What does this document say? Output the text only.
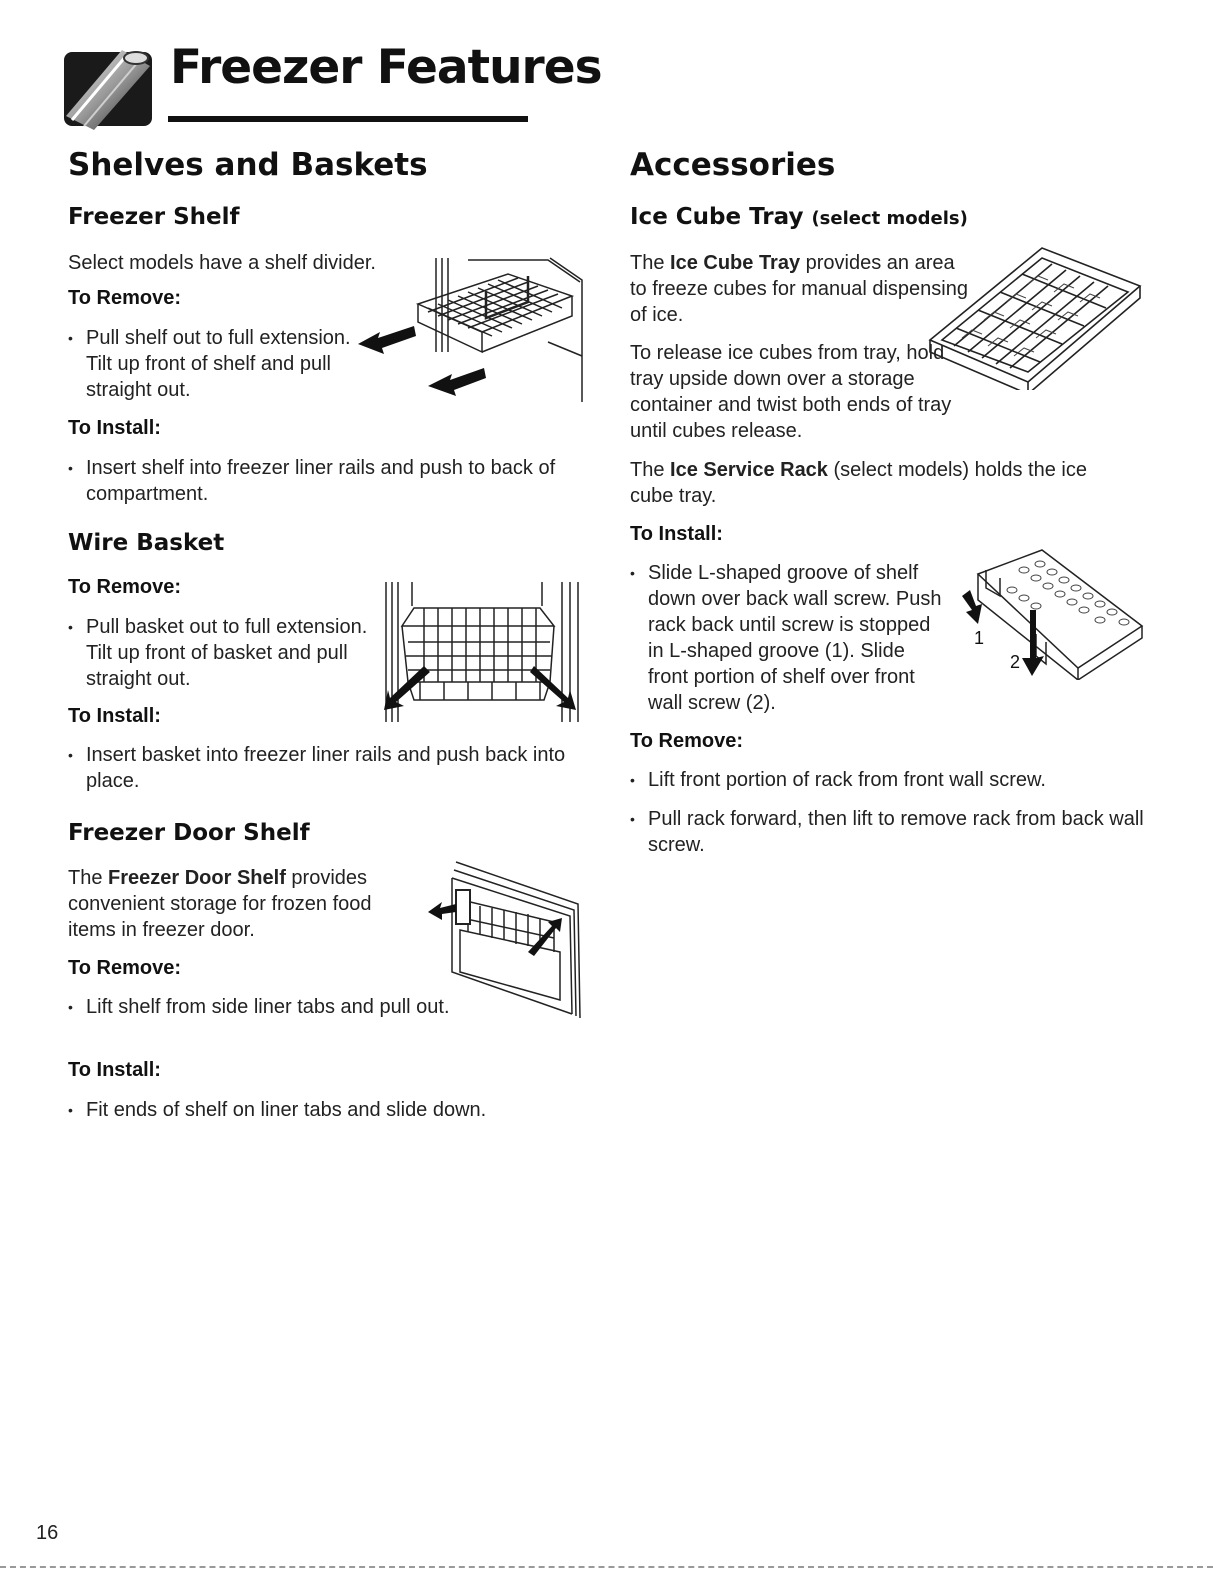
Freezer Features
Shelves and Baskets
Freezer Shelf

Select models have a shelf divider.

To Remove:

• Pull shelf out to full extension. Tilt up front of shelf and pull straight out.

To Install:

• Insert shelf into freezer liner rails and push to back of compartment.

Wire Basket

To Remove:

• Pull basket out to full extension. Tilt up front of basket and pull straight out.

To Install:

• Insert basket into freezer liner rails and push back into place.

Freezer Door Shelf

The Freezer Door Shelf provides convenient storage for frozen food items in freezer door.

To Remove:

• Lift shelf from side liner tabs and pull out.

To Install:

• Fit ends of shelf on liner tabs and slide down.

Accessories
Ice Cube Tray (select models)

The Ice Cube Tray provides an area to freeze cubes for manual dispensing of ice.

To release ice cubes from tray, hold tray upside down over a storage container and twist both ends of tray until cubes release.

The Ice Service Rack (select models) holds the ice cube tray.

To Install:

• Slide L-shaped groove of shelf down over back wall screw. Push rack back until screw is stopped in L-shaped groove (1). Slide front portion of shelf over front wall screw (2).

1
2

To Remove:

• Lift front portion of rack from front wall screw.

• Pull rack forward, then lift to remove rack from back wall screw.

16
